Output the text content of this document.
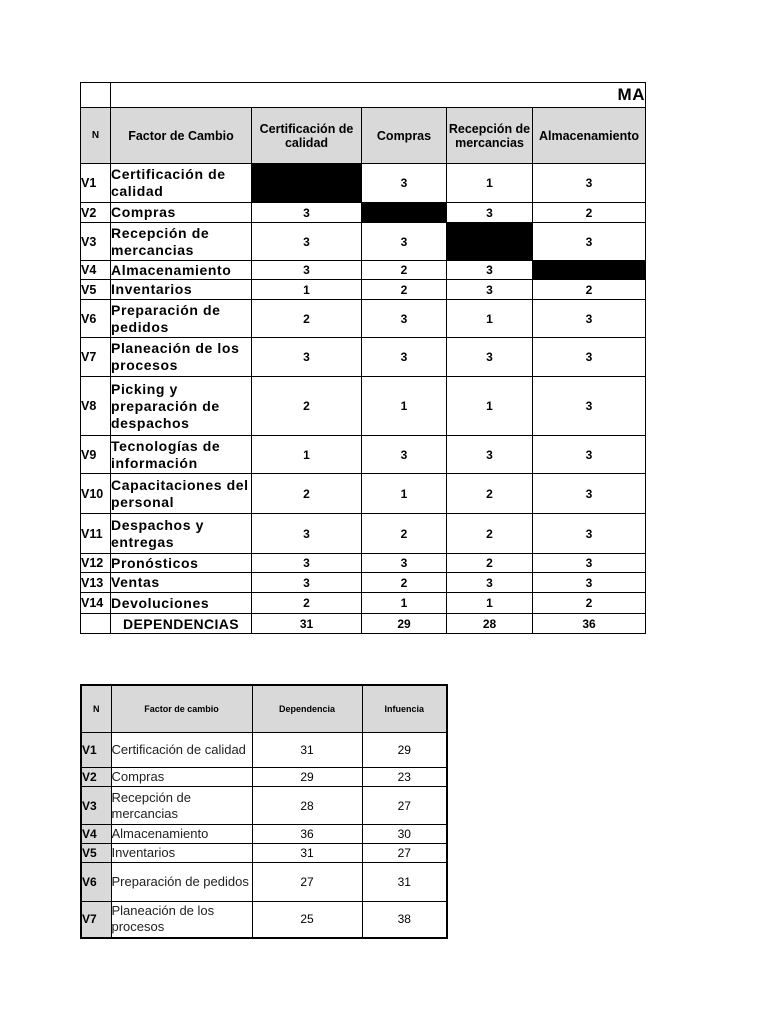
	MA				
N	Factor de Cambio	Certificación de calidad	Compras	Recepción de mercancias	Almacenamiento
V1	Certificación de calidad		3	1	3
V2	Compras	3		3	2
V3	Recepción de mercancias	3	3		3
V4	Almacenamiento	3	2	3	
V5	Inventarios	1	2	3	2
V6	Preparación de pedidos	2	3	1	3
V7	Planeación de los procesos	3	3	3	3
V8	Picking y preparación de despachos	2	1	1	3
V9	Tecnologías de información	1	3	3	3
V10	Capacitaciones del personal	2	1	2	3
V11	Despachos y entregas	3	2	2	3
V12	Pronósticos	3	3	2	3
V13	Ventas	3	2	3	3
V14	Devoluciones	2	1	1	2
	DEPENDENCIAS	31	29	28	36
N	Factor de cambio	Dependencia	Infuencia
V1	Certificación de calidad	31	29
V2	Compras	29	23
V3	Recepción de mercancias	28	27
V4	Almacenamiento	36	30
V5	Inventarios	31	27
V6	Preparación de pedidos	27	31
V7	Planeación de los procesos	25	38
